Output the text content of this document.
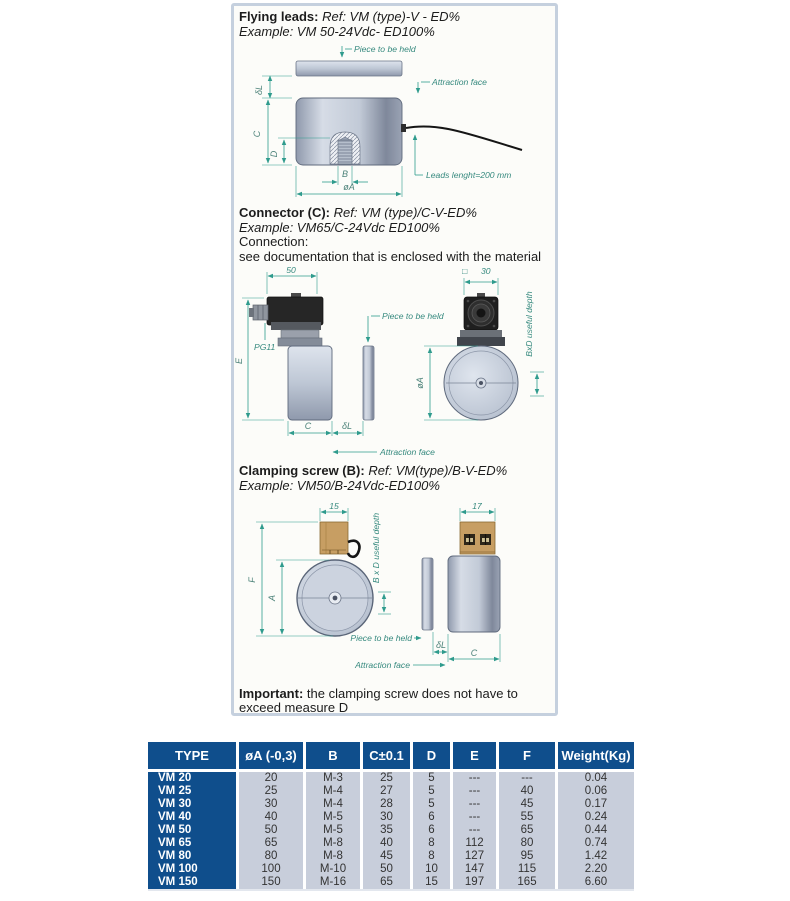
Flying leads: Ref: VM (type)-V - ED%
Example: VM 50-24Vdc- ED100%
δL
C
D
B
øA
Piece to be held
Attraction face
Leads lenght=200 mm
Connector (C): Ref: VM (type)/C-V-ED%
Example: VM65/C-24Vdc ED100%
Connection:
see documentation that is enclosed with the material
50
PG11
E
C	δL
Piece to be held
Attraction face
□ 30
øA
BxD useful depth
Clamping screw (B): Ref: VM(type)/B-V-ED%
Example: VM50/B-24Vdc-ED100%
15
F
A
B x D useful depth
17
Piece to be held
δL
C
Attraction face
Important: the clamping screw does not have to
exceed measure D
TYPE	øA (-0,3)	B	C±0.1	D	E	F	Weight(Kg)
VM 20	20	M-3	25	5	---	---	0.04
VM 25	25	M-4	27	5	---	40	0.06
VM 30	30	M-4	28	5	---	45	0.17
VM 40	40	M-5	30	6	---	55	0.24
VM 50	50	M-5	35	6	---	65	0.44
VM 65	65	M-8	40	8	112	80	0.74
VM 80	80	M-8	45	8	127	95	1.42
VM 100	100	M-10	50	10	147	115	2.20
VM 150	150	M-16	65	15	197	165	6.60
